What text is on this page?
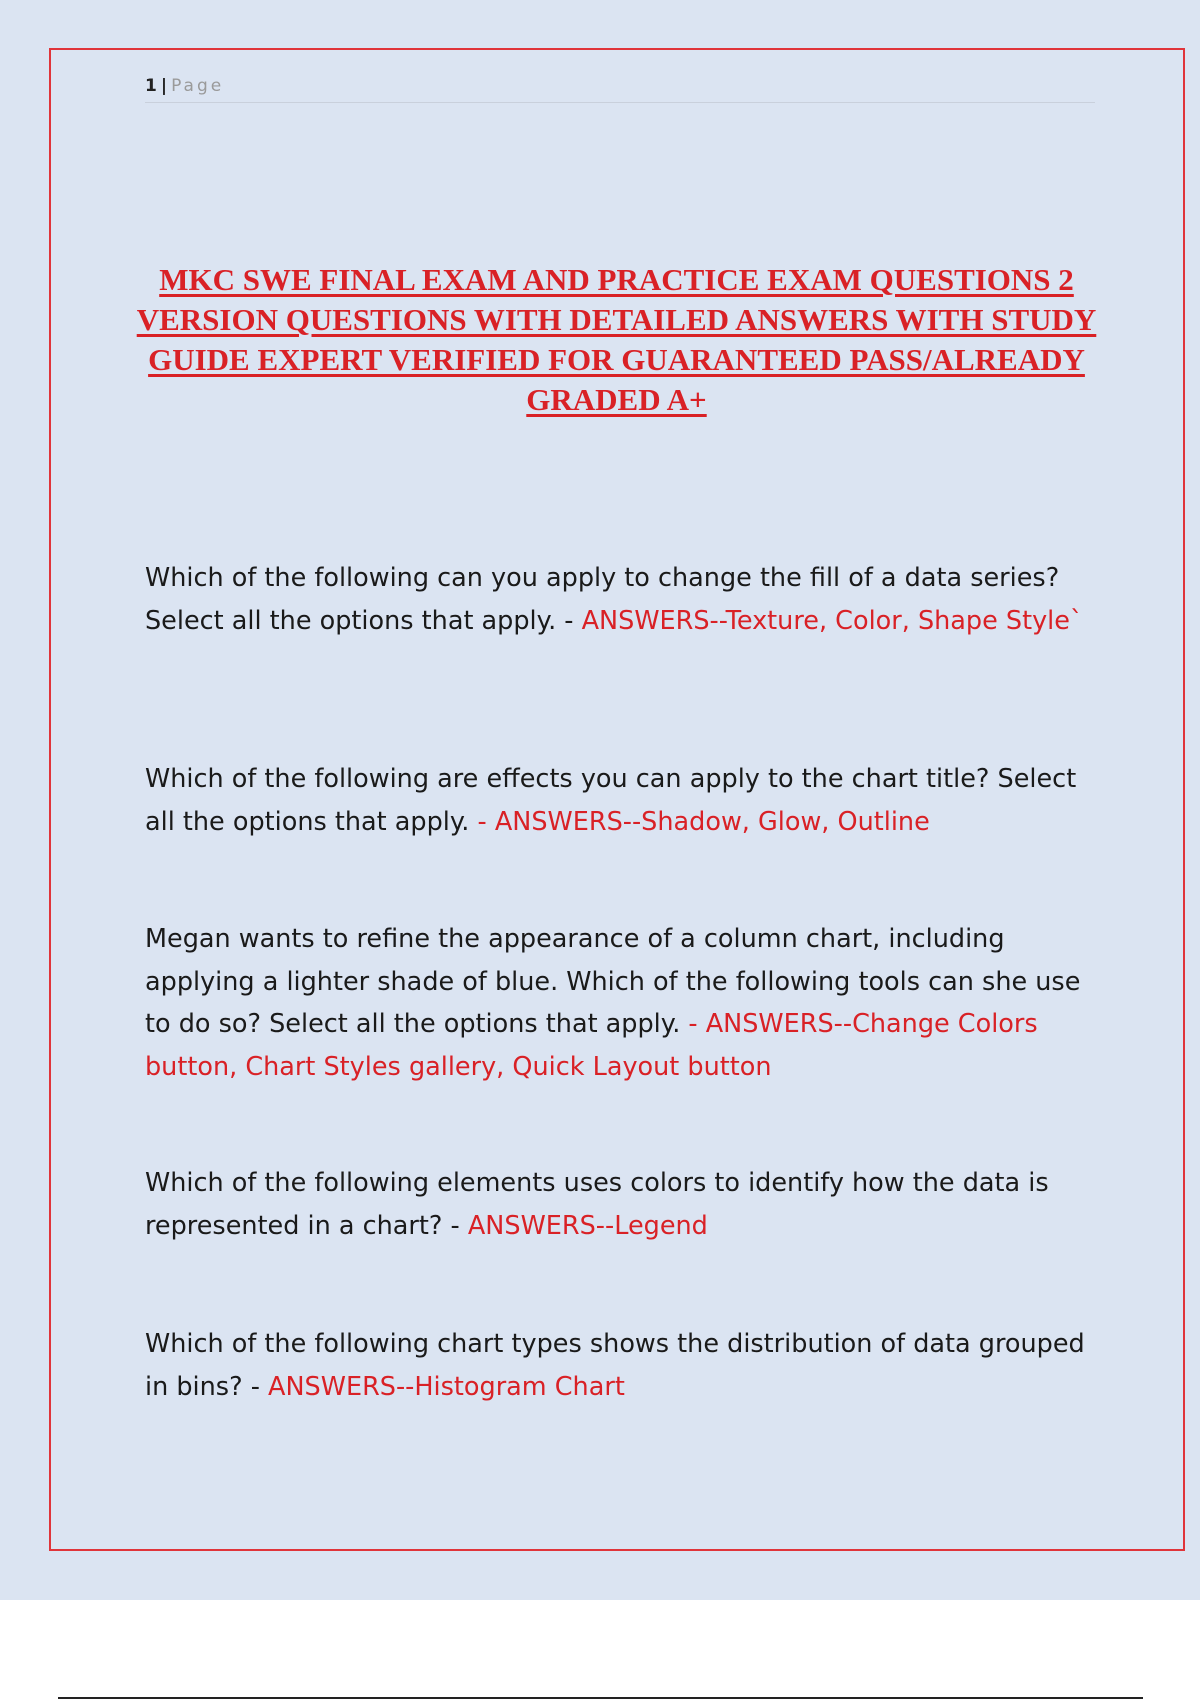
1 | Page
MKC SWE FINAL EXAM AND PRACTICE EXAM QUESTIONS 2 VERSION QUESTIONS WITH DETAILED ANSWERS WITH STUDY GUIDE EXPERT VERIFIED FOR GUARANTEED PASS/ALREADY GRADED A+

Which of the following can you apply to change the fill of a data series? Select all the options that apply. - ANSWERS--Texture, Color, Shape Style`

Which of the following are effects you can apply to the chart title? Select all the options that apply. - ANSWERS--Shadow, Glow, Outline

Megan wants to refine the appearance of a column chart, including applying a lighter shade of blue. Which of the following tools can she use to do so? Select all the options that apply. - ANSWERS--Change Colors button, Chart Styles gallery, Quick Layout button

Which of the following elements uses colors to identify how the data is represented in a chart? - ANSWERS--Legend

Which of the following chart types shows the distribution of data grouped in bins? - ANSWERS--Histogram Chart
